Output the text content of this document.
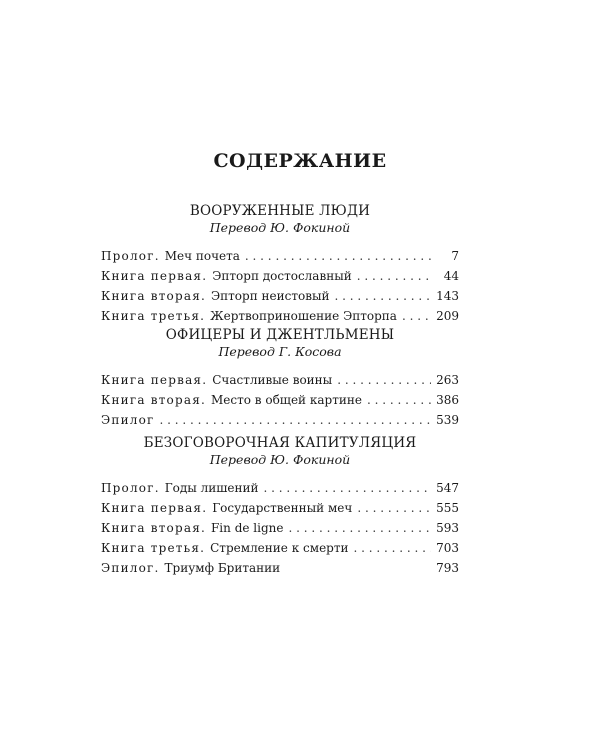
СОДЕРЖАНИЕ
ВООРУЖЕННЫЕ ЛЮДИ
Перевод Ю. Фокиной
Пролог. Меч почета . . .	7
Книга первая. Эпторп достославный . . .	44
Книга вторая. Эпторп неистовый . . .	143
Книга третья. Жертвоприношение Эпторпа . . .	209
ОФИЦЕРЫ И ДЖЕНТЛЬМЕНЫ
Перевод Г. Косова
Книга первая. Счастливые воины . . .	263
Книга вторая. Место в общей картине . . .	386
Эпилог . . .	539
БЕЗОГОВОРОЧНАЯ КАПИТУЛЯЦИЯ
Перевод Ю. Фокиной
Пролог. Годы лишений . . .	547
Книга первая. Государственный меч . . .	555
Книга вторая. Fin de ligne . . .	593
Книга третья. Стремление к смерти . . .	703
Эпилог. Триумф Британии	793
